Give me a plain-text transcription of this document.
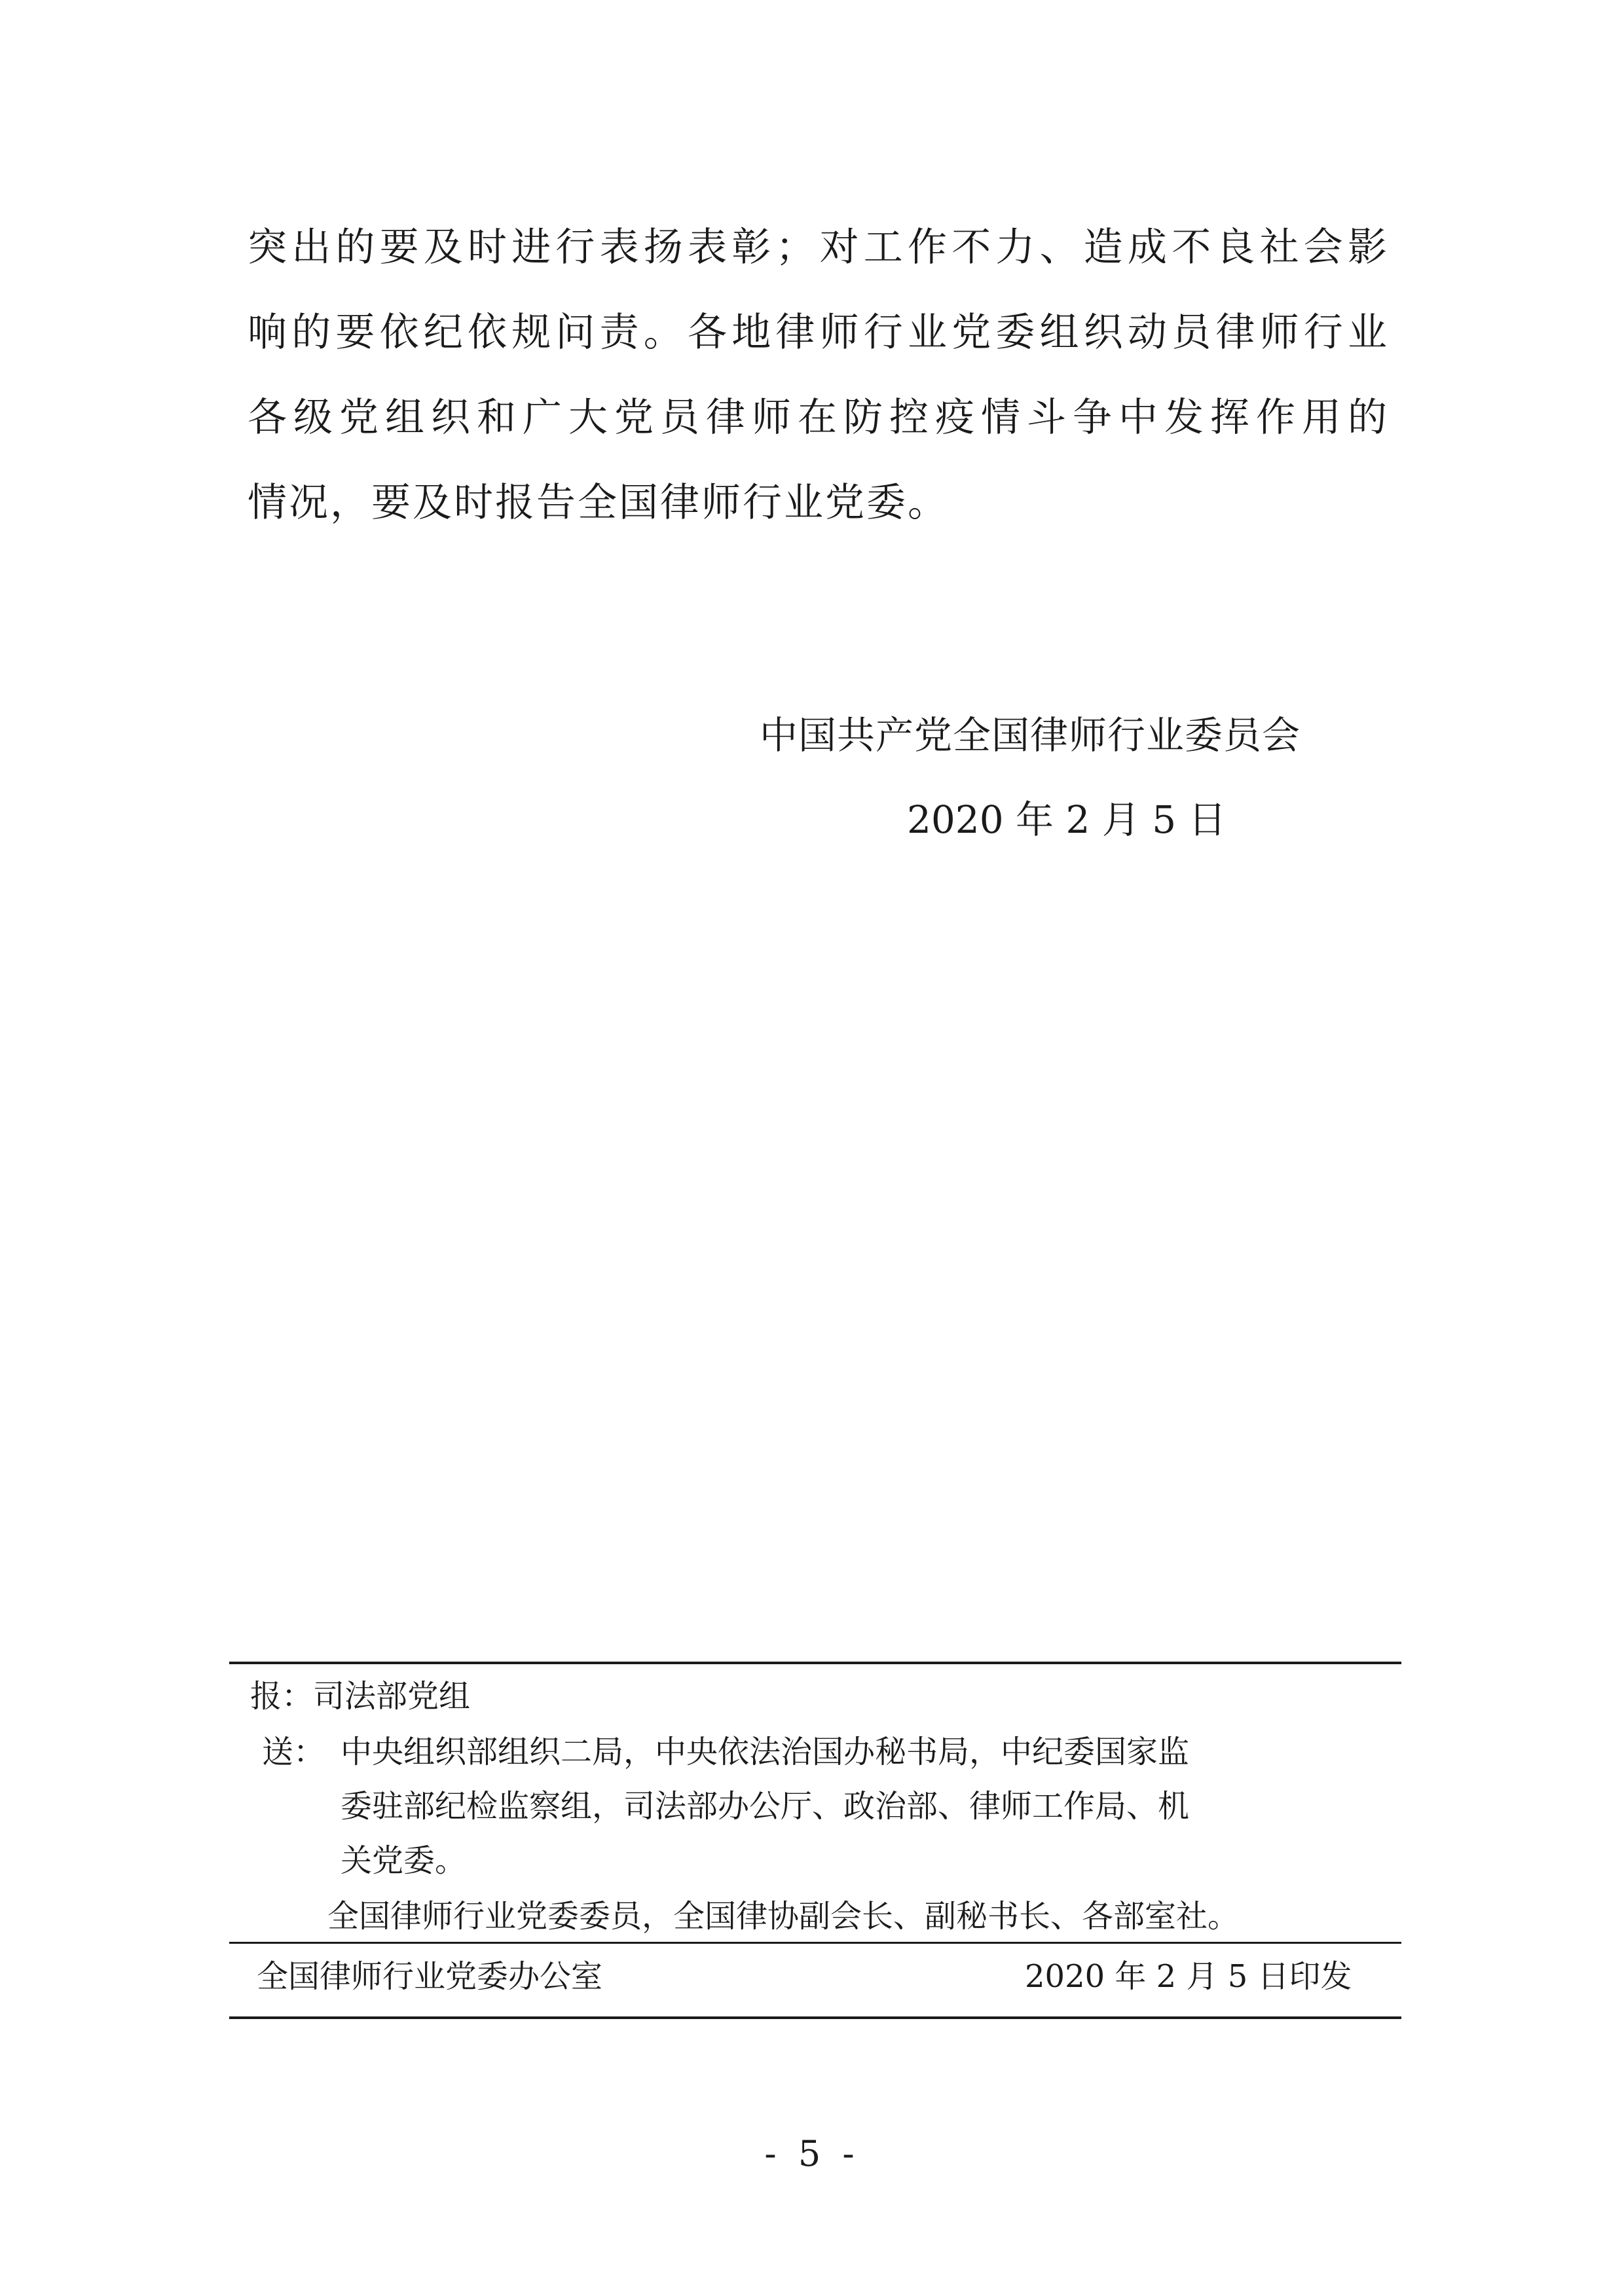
突出的要及时进行表扬表彰；对工作不力、造成不良社会影
响的要依纪依规问责。各地律师行业党委组织动员律师行业
各级党组织和广大党员律师在防控疫情斗争中发挥作用的
情况，要及时报告全国律师行业党委。
中国共产党全国律师行业委员会
2020 年 2 月 5 日
报：司法部党组
送： 中央组织部组织二局，中央依法治国办秘书局，中纪委国家监
委驻部纪检监察组，司法部办公厅、政治部、律师工作局、机
关党委。
全国律师行业党委委员，全国律协副会长、副秘书长、各部室社。
全国律师行业党委办公室	2020 年 2 月 5 日印发
- 5 -
